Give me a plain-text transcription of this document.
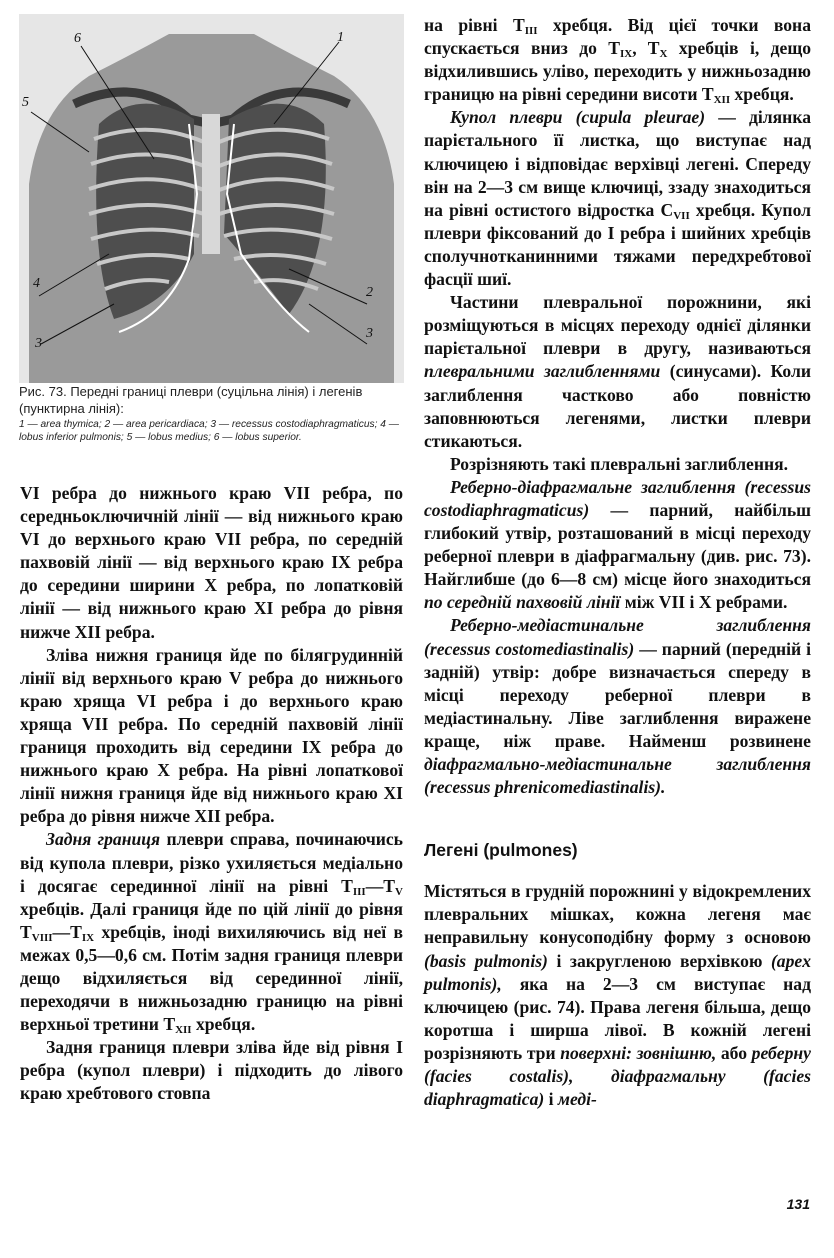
1
2
3
3
4
5
6

Рис. 73. Передні границі плеври (суцільна лінія) і легенів (пунктирна лінія):

1 — area thymica; 2 — area pericardiaca; 3 — recessus costodiaphragmaticus; 4 — lobus inferior pulmonis; 5 — lobus medius; 6 — lobus superior.

VI ребра до нижнього краю VII ребра, по середньоключичній лінії — від нижнього краю VI до верхнього краю VII ребра, по середній пахвовій лінії — від верхнього краю IX ребра до середини ширини X ребра, по лопатковій лінії — від нижнього краю XI ребра до рівня нижче XII ребра.

Зліва нижня границя йде по білягрудинній лінії від верхнього краю V ребра до нижнього краю хряща VI ребра і до верхнього краю хряща VII ребра. По середній пахвовій лінії границя проходить від середини IX ребра до нижнього краю X ребра. На рівні лопаткової лінії нижня границя йде від нижнього краю XI ребра до рівня нижче XII ребра.

Задня границя плеври справа, починаючись від купола плеври, різко ухиляється медіально і досягає серединної лінії на рівні $T_{III}—T_V$ хребців. Далі границя йде по цій лінії до рівня $T_{VIII}—T_{IX}$ хребців, іноді вихиляючись від неї в межах 0,5—0,6 см. Потім задня границя плеври дещо відхиляється від серединної лінії, переходячи в нижньозадню границю на рівні верхньої третини $T_{XII}$ хребця.

Задня границя плеври зліва йде від рівня I ребра (купол плеври) і підходить до лівого краю хребтового стовпа

на рівні $T_{III}$ хребця. Від цієї точки вона спускається вниз до $T_{IX}$, $T_X$ хребців і, дещо відхилившись уліво, переходить у нижньозадню границю на рівні середини висоти $T_{XII}$ хребця.

Купол плеври (cupula pleurae) — ділянка парієтального її листка, що виступає над ключицею і відповідає верхівці легені. Спереду він на 2—3 см вище ключиці, ззаду знаходиться на рівні остистого відростка $C_{VII}$ хребця. Купол плеври фіксований до I ребра і шийних хребців сполучнотканинними тяжами передхребтової фасції шиї.

Частини плевральної порожнини, які розміщуються в місцях переходу однієї ділянки парієтальної плеври в другу, називаються плевральними заглибленнями (синусами). Коли заглиблення частково або повністю заповнюються легенями, листки плеври стикаються.

Розрізняють такі плевральні заглиблення.

Реберно-діафрагмальне заглиблення (recessus costodiaphragmaticus) — парний, найбільш глибокий утвір, розташований в місці переходу реберної плеври в діафрагмальну (див. рис. 73). Найглибше (до 6—8 см) місце його знаходиться по середній пахвовій лінії між VII і X ребрами.

Реберно-медіастинальне заглиблення (recessus costomediastinalis) — парний (передній і задній) утвір: добре визначається спереду в місці переходу реберної плеври в медіастинальну. Ліве заглиблення виражене краще, ніж праве. Найменш розвинене діафрагмально-медіастинальне заглиблення (recessus phrenicomediastinalis).

Легені (pulmones)

Містяться в грудній порожнині у відокремлених плевральних мішках, кожна легеня має неправильну конусоподібну форму з основою (basis pulmonis) і закругленою верхівкою (apex pulmonis), яка на 2—3 см виступає над ключицею (рис. 74). Права легеня більша, дещо коротша і ширша лівої. В кожній легені розрізняють три поверхні: зовнішню, або реберну (facies costalis), діафрагмальну (facies diaphragmatica) і меді-

131
